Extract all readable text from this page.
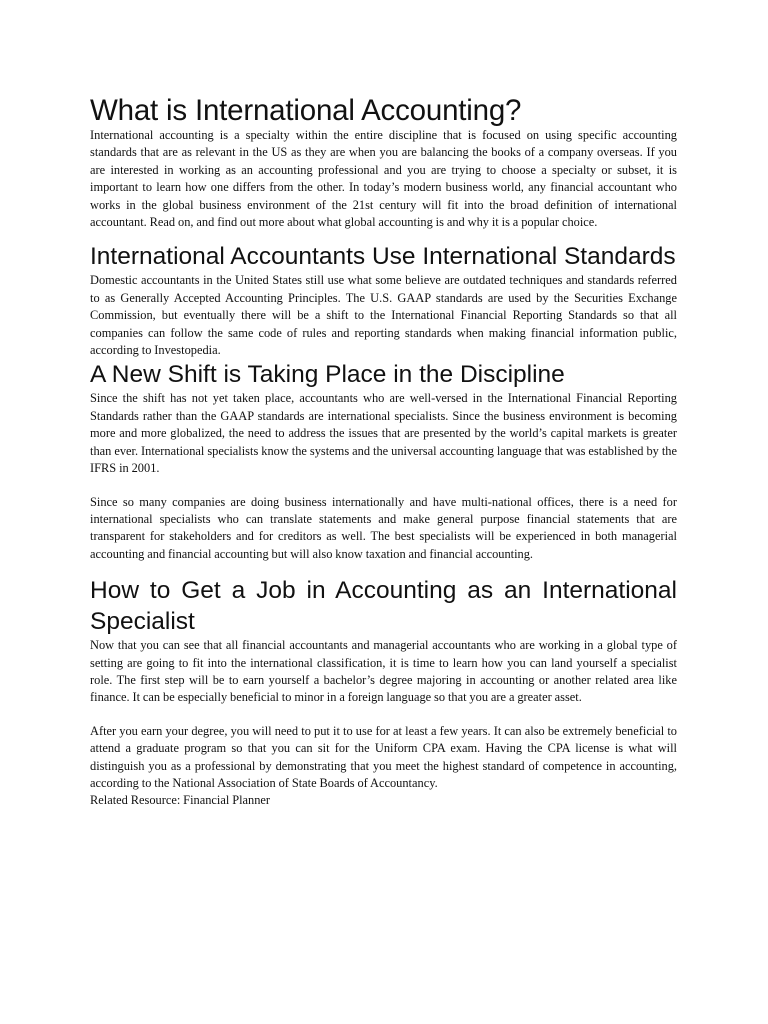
What is International Accounting?

International accounting is a specialty within the entire discipline that is focused on using specific accounting standards that are as relevant in the US as they are when you are balancing the books of a company overseas. If you are interested in working as an accounting professional and you are trying to choose a specialty or subset, it is important to learn how one differs from the other. In today’s modern business world, any financial accountant who works in the global business environment of the 21st century will fit into the broad definition of international accountant. Read on, and find out more about what global accounting is and why it is a popular choice.

International Accountants Use International Standards

Domestic accountants in the United States still use what some believe are outdated techniques and standards referred to as Generally Accepted Accounting Principles. The U.S. GAAP standards are used by the Securities Exchange Commission, but eventually there will be a shift to the International Financial Reporting Standards so that all companies can follow the same code of rules and reporting standards when making financial information public, according to Investopedia.

A New Shift is Taking Place in the Discipline

Since the shift has not yet taken place, accountants who are well-versed in the International Financial Reporting Standards rather than the GAAP standards are international specialists. Since the business environment is becoming more and more globalized, the need to address the issues that are presented by the world’s capital markets is greater than ever. International specialists know the systems and the universal accounting language that was established by the IFRS in 2001.

Since so many companies are doing business internationally and have multi-national offices, there is a need for international specialists who can translate statements and make general purpose financial statements that are transparent for stakeholders and for creditors as well. The best specialists will be experienced in both managerial accounting and financial accounting but will also know taxation and financial accounting.

How to Get a Job in Accounting as an International Specialist

Now that you can see that all financial accountants and managerial accountants who are working in a global type of setting are going to fit into the international classification, it is time to learn how you can land yourself a specialist role. The first step will be to earn yourself a bachelor’s degree majoring in accounting or another related area like finance. It can be especially beneficial to minor in a foreign language so that you are a greater asset.

After you earn your degree, you will need to put it to use for at least a few years. It can also be extremely beneficial to attend a graduate program so that you can sit for the Uniform CPA exam. Having the CPA license is what will distinguish you as a professional by demonstrating that you meet the highest standard of competence in accounting, according to the National Association of State Boards of Accountancy.

Related Resource: Financial Planner
